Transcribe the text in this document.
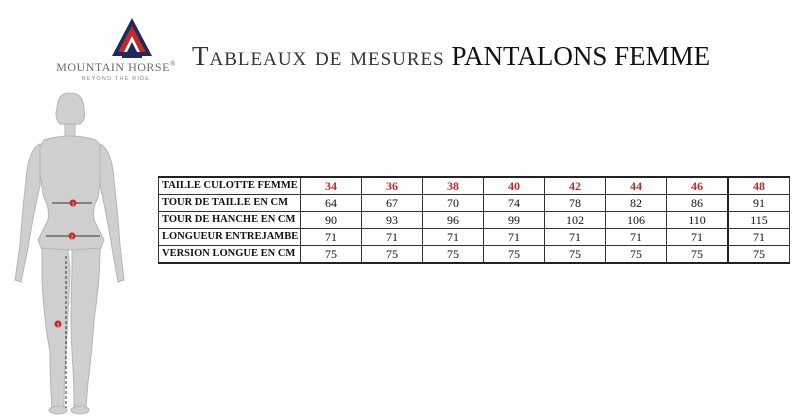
MOUNTAIN HORSE®
BEYOND THE RIDE
Tableaux de mesures PANTALONS FEMME
1
2
3
TAILLE CULOTTE FEMME	34	36	38	40	42	44	46	48
TOUR DE TAILLE EN CM	64	67	70	74	78	82	86	91
TOUR DE HANCHE EN CM	90	93	96	99	102	106	110	115
LONGUEUR ENTREJAMBE	71	71	71	71	71	71	71	71
VERSION LONGUE EN CM	75	75	75	75	75	75	75	75
